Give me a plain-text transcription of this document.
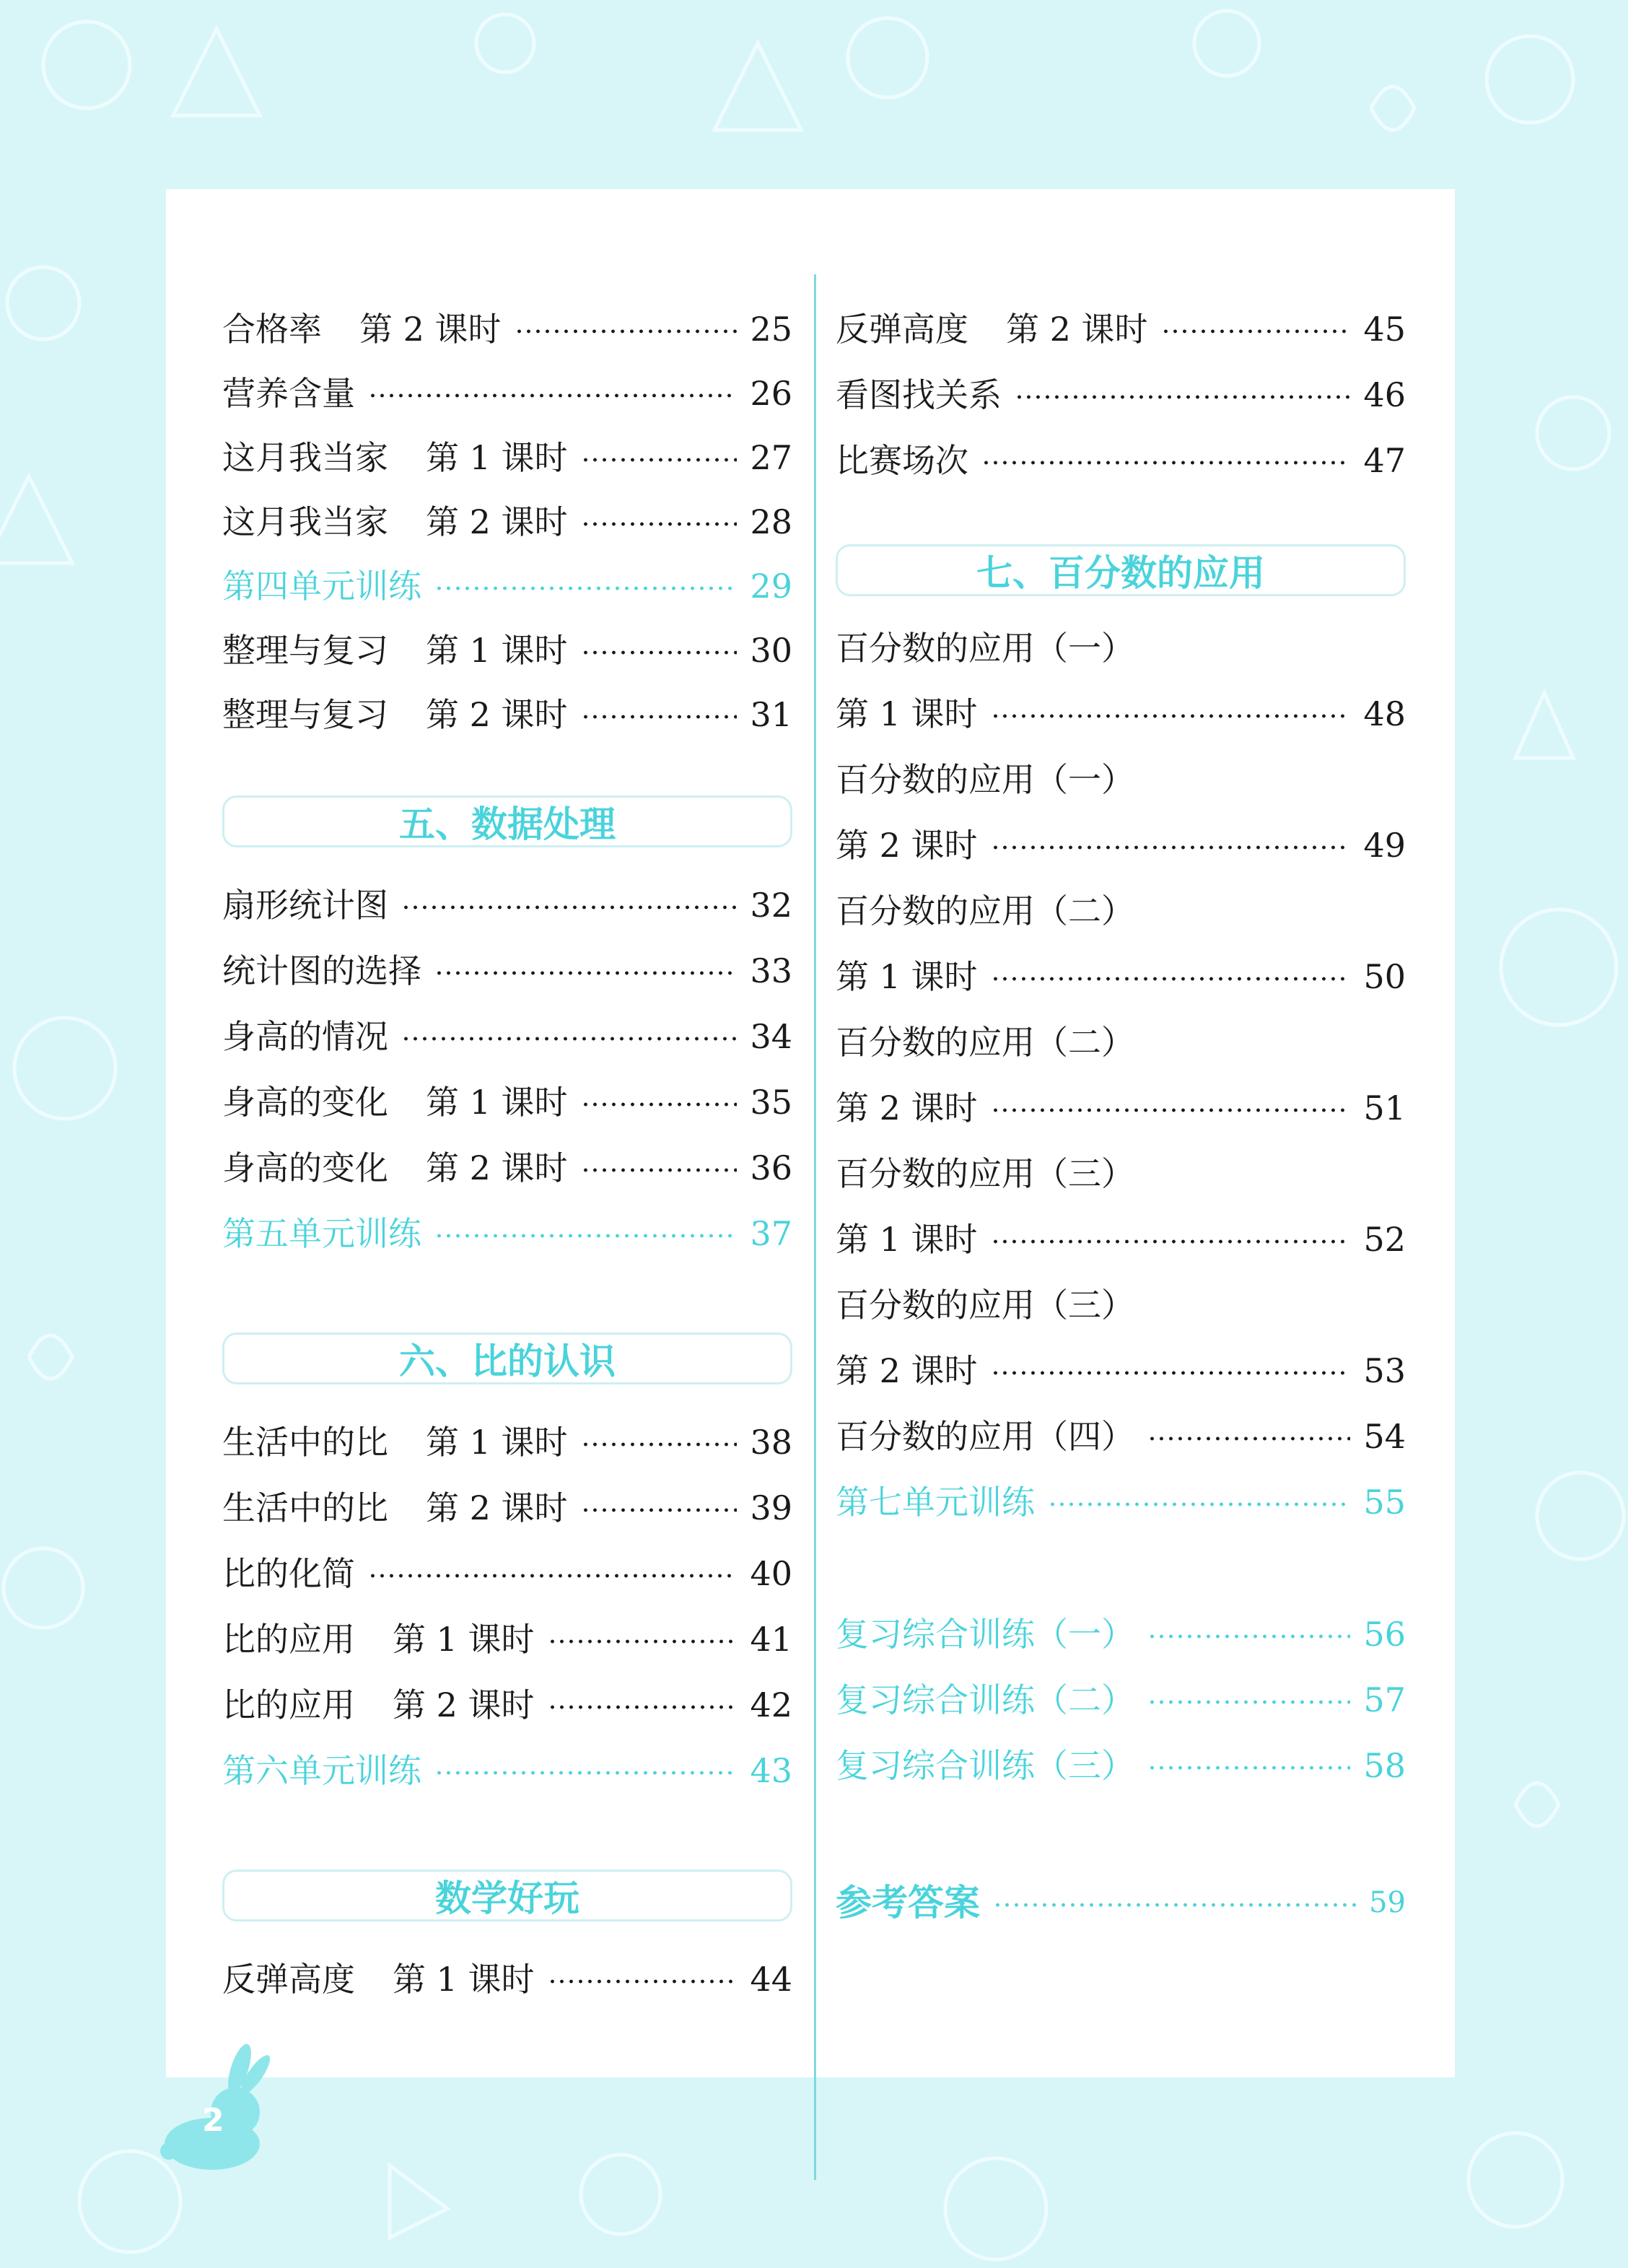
合格率 第 2 课时	25
营养含量	26
这月我当家 第 1 课时	27
这月我当家 第 2 课时	28
第四单元训练	29
整理与复习 第 1 课时	30
整理与复习 第 2 课时	31
五、数据处理
扇形统计图	32
统计图的选择	33
身高的情况	34
身高的变化 第 1 课时	35
身高的变化 第 2 课时	36
第五单元训练	37
六、比的认识
生活中的比 第 1 课时	38
生活中的比 第 2 课时	39
比的化简	40
比的应用 第 1 课时	41
比的应用 第 2 课时	42
第六单元训练	43
数学好玩
反弹高度 第 1 课时	44
反弹高度 第 2 课时	45
看图找关系	46
比赛场次	47
七、百分数的应用
百分数的应用（一）
第 1 课时	48
百分数的应用（一）
第 2 课时	49
百分数的应用（二）
第 1 课时	50
百分数的应用（二）
第 2 课时	51
百分数的应用（三）
第 1 课时	52
百分数的应用（三）
第 2 课时	53
百分数的应用（四）	54
第七单元训练	55
复习综合训练（一）	56
复习综合训练（二）	57
复习综合训练（三）	58
参考答案	59
2
